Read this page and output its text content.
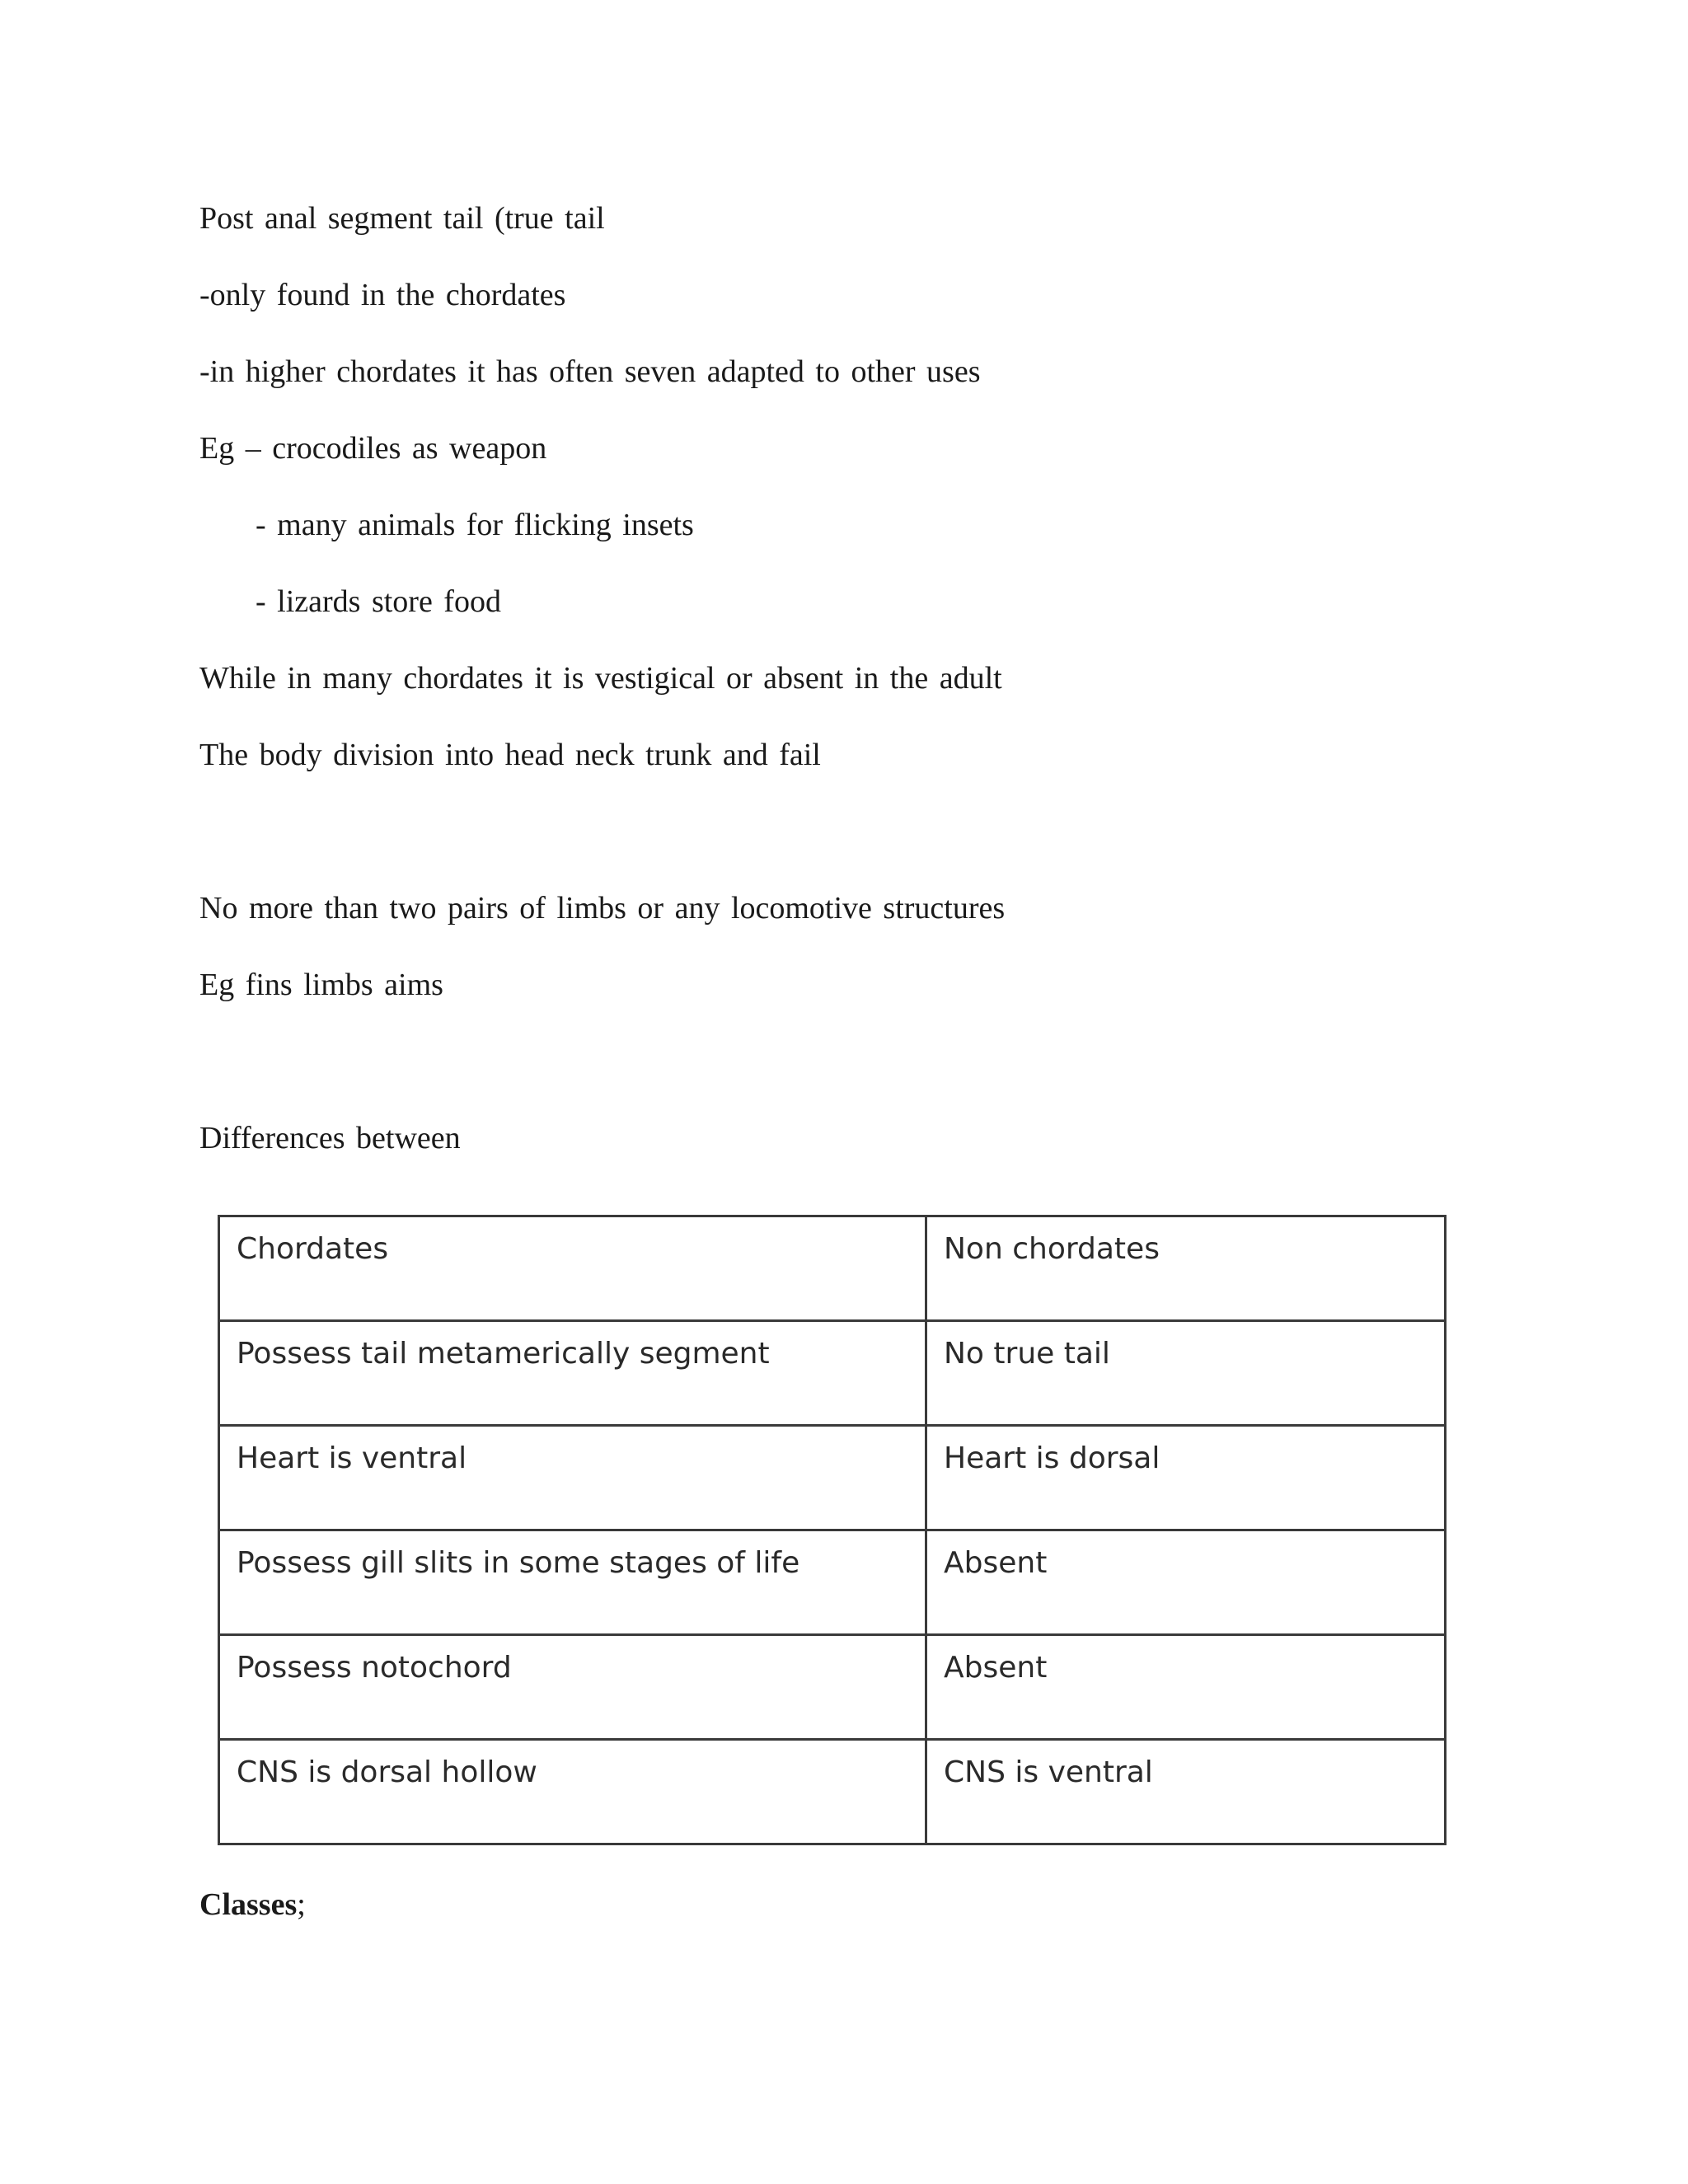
Post anal segment tail (true tail
-only found in the chordates
-in higher chordates it has often seven adapted to other uses
Eg – crocodiles as weapon
- many animals for flicking insets
- lizards store food
While in many chordates it is vestigical or absent in the adult
The body division into head neck trunk and fail
No more than two pairs of limbs or any locomotive structures
Eg fins limbs aims
Differences between
Chordates	Non chordates
Possess tail metamerically segment	No true tail
Heart is ventral	Heart is dorsal
Possess gill slits in some stages of life	Absent
Possess notochord	Absent
CNS is dorsal hollow	CNS is ventral
Classes;
